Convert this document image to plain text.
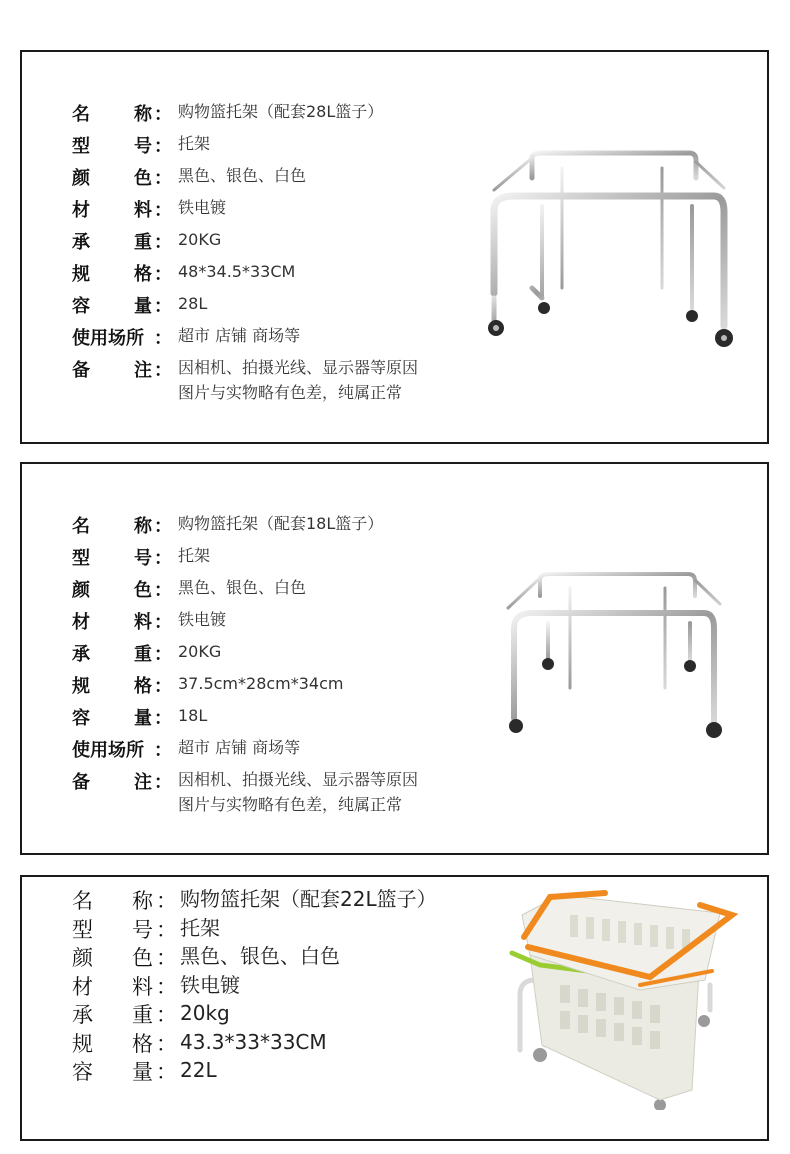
名 称 ： 购物篮托架（配套28L篮子）
型 号 ： 托架
颜 色 ： 黑色、银色、白色
材 料 ： 铁电镀
承 重 ： 20KG
规 格 ： 48*34.5*33CM
容 量 ： 28L
使用场所 ： 超市 店铺 商场等
备 注 ： 因相机、拍摄光线、显示器等原因
图片与实物略有色差，纯属正常
名 称 ： 购物篮托架（配套18L篮子）
型 号 ： 托架
颜 色 ： 黑色、银色、白色
材 料 ： 铁电镀
承 重 ： 20KG
规 格 ： 37.5cm*28cm*34cm
容 量 ： 18L
使用场所 ： 超市 店铺 商场等
备 注 ： 因相机、拍摄光线、显示器等原因
图片与实物略有色差，纯属正常
名 称 ： 购物篮托架（配套22L篮子）
型 号 ： 托架
颜 色 ： 黑色、银色、白色
材 料 ： 铁电镀
承 重 ： 20kg
规 格 ： 43.3*33*33CM
容 量 ： 22L
